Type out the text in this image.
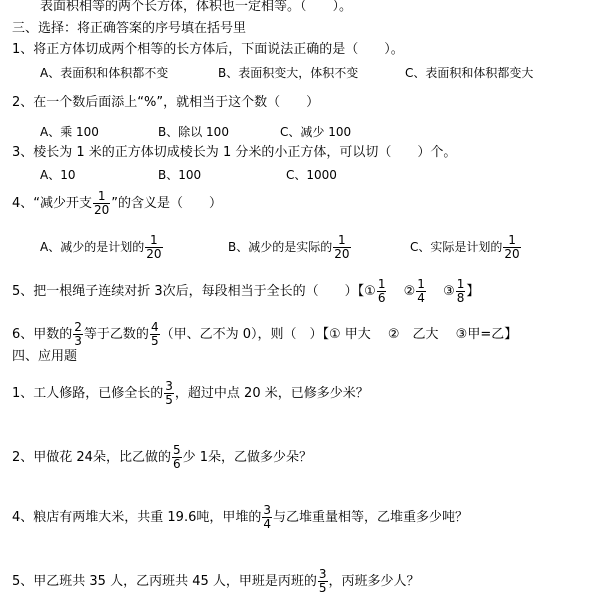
表面积相等的两个长方体，体积也一定相等。（　　）。
三、选择：将正确答案的序号填在括号里
1、将正方体切成两个相等的长方体后，下面说法正确的是（　　）。
A、表面积和体积都不变	B、表面积变大，体积不变	C、表面积和体积都变大
2、在一个数后面添上“%”，就相当于这个数（　　）
A、乘 100	B、除以 100	C、减少 100
3、棱长为 1 米的正方体切成棱长为 1 分米的小正方体，可以切（　　）个。
A、10	B、100	C、1000
4、“减少开支 $\frac{1}{20}$ ”的含义是（　　）
A、减少的是计划的 $\frac{1}{20}$	B、减少的是实际的 $\frac{1}{20}$	C、实际是计划的 $\frac{1}{20}$
5、把一根绳子连续对折 3次后，每段相当于全长的（　　）【① $\frac{1}{6}$ ② $\frac{1}{4}$ ③ $\frac{1}{8}$ 】
6、甲数的 $\frac{2}{3}$ 等于乙数的 $\frac{4}{5}$ （甲、乙不为 0），则（　）【① 甲大　 ②　乙大　 ③甲=乙】
四、应用题
1、工人修路，已修全长的 $\frac{3}{5}$ ，超过中点 20 米，已修多少米？
2、甲做花 24朵，比乙做的 $\frac{5}{6}$ 少 1朵，乙做多少朵？
4、粮店有两堆大米，共重 19.6吨，甲堆的 $\frac{3}{4}$ 与乙堆重量相等，乙堆重多少吨？
5、甲乙班共 35 人，乙丙班共 45 人，甲班是丙班的 $\frac{3}{5}$ ，丙班多少人？
